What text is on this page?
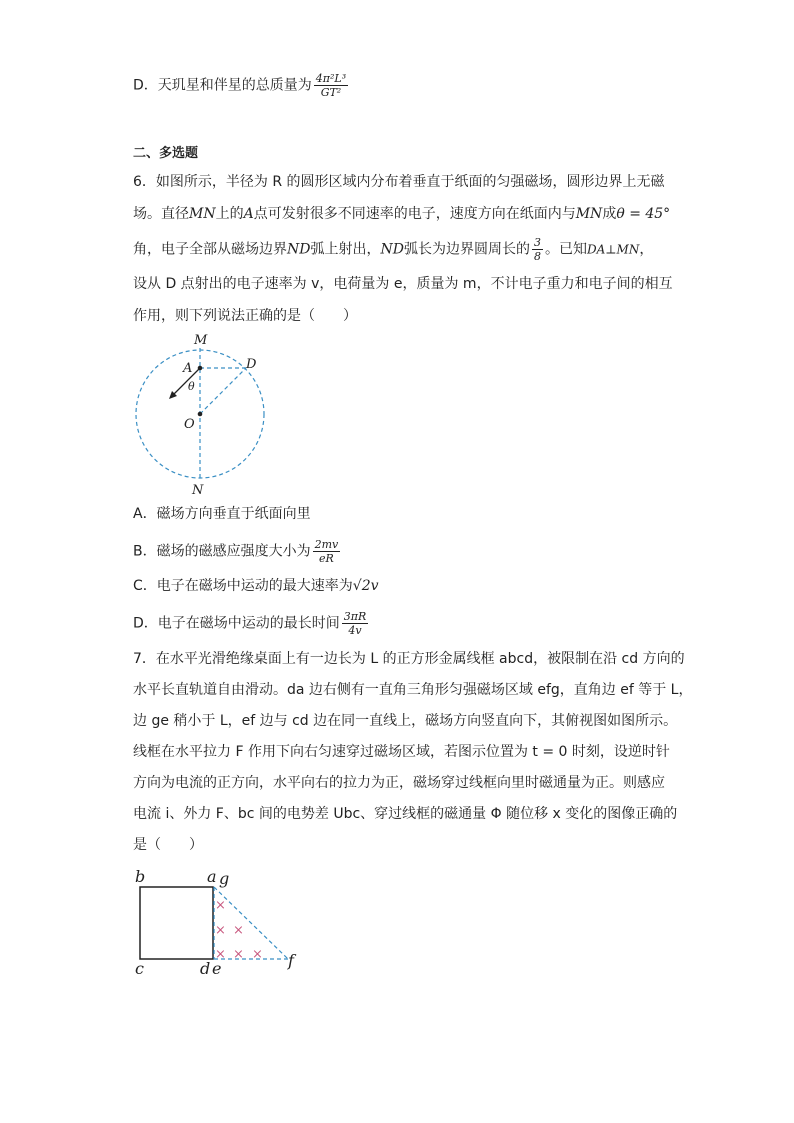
D．天玑星和伴星的总质量为 $\frac{\text{4π²L³}}{\text{GT²}}$
二、多选题
6．如图所示，半径为 R 的圆形区域内分布着垂直于纸面的匀强磁场，圆形边界上无磁
场。直径MN上的A点可发射很多不同速率的电子，速度方向在纸面内与MN成θ = 45°
角，电子全部从磁场边界ND弧上射出，ND弧长为边界圆周长的 $\frac{3}{8}$ 。已知DA⊥MN，
设从 D 点射出的电子速率为 v，电荷量为 e，质量为 m，不计电子重力和电子间的相互
作用，则下列说法正确的是（　　）
M
A	D
θ
O
N
A．磁场方向垂直于纸面向里
B．磁场的磁感应强度大小为 $\frac{2mv}{eR}$
C．电子在磁场中运动的最大速率为√2v
D．电子在磁场中运动的最长时间 $\frac{3\pi R}{4v}$
7．在水平光滑绝缘桌面上有一边长为 L 的正方形金属线框 abcd，被限制在沿 cd 方向的
水平长直轨道自由滑动。da 边右侧有一直角三角形匀强磁场区域 efg，直角边 ef 等于 L，
边 ge 稍小于 L，ef 边与 cd 边在同一直线上，磁场方向竖直向下，其俯视图如图所示。
线框在水平拉力 F 作用下向右匀速穿过磁场区域，若图示位置为 t = 0 时刻，设逆时针
方向为电流的正方向，水平向右的拉力为正，磁场穿过线框向里时磁通量为正。则感应
电流 i、外力 F、bc 间的电势差 Ubc、穿过线框的磁通量 Φ 随位移 x 变化的图像正确的
是（　　）
×
× ×
× × ×
b	a g
c	d e	f
